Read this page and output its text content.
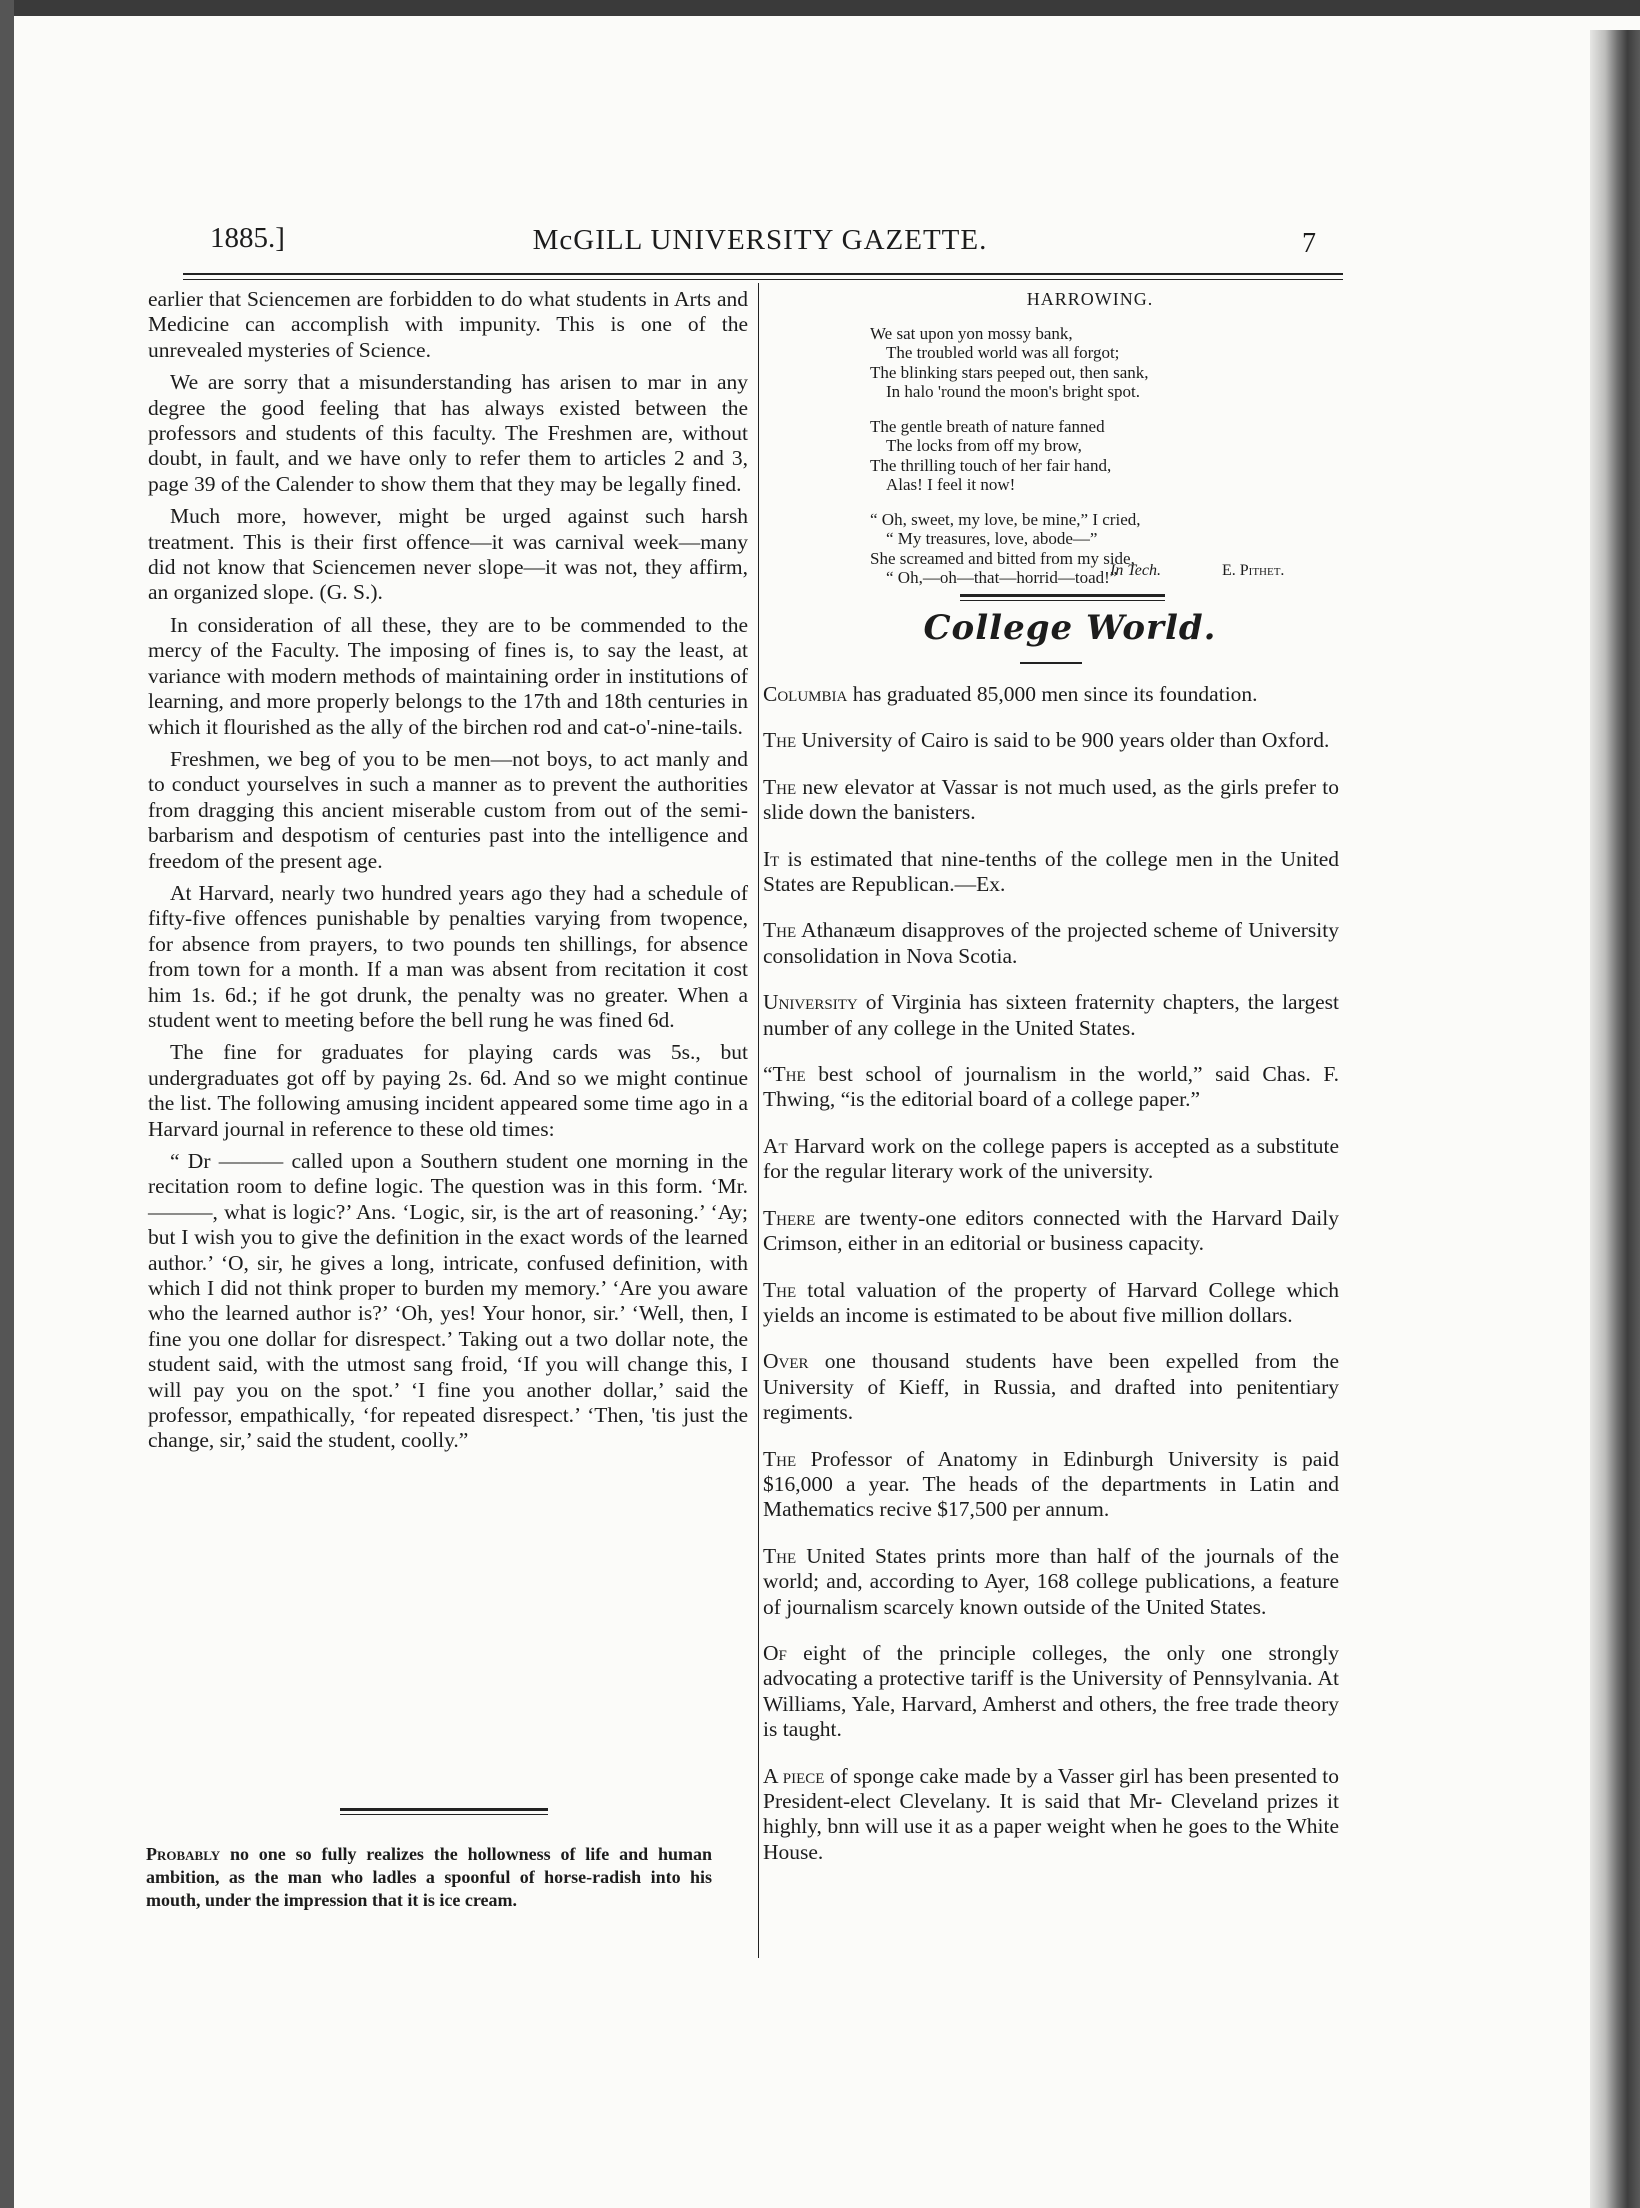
1885.]	McGILL UNIVERSITY GAZETTE.	7

earlier that Sciencemen are forbidden to do what students in Arts and Medicine can accomplish with impunity. This is one of the unrevealed mysteries of Science.

We are sorry that a misunderstanding has arisen to mar in any degree the good feeling that has always existed between the professors and students of this faculty. The Freshmen are, without doubt, in fault, and we have only to refer them to articles 2 and 3, page 39 of the Calender to show them that they may be legally fined.

Much more, however, might be urged against such harsh treatment. This is their first offence—it was carnival week—many did not know that Sciencemen never slope—it was not, they affirm, an organized slope. (G. S.).

In consideration of all these, they are to be commended to the mercy of the Faculty. The imposing of fines is, to say the least, at variance with modern methods of maintaining order in institutions of learning, and more properly belongs to the 17th and 18th centuries in which it flourished as the ally of the birchen rod and cat-o'-nine-tails.

Freshmen, we beg of you to be men—not boys, to act manly and to conduct yourselves in such a manner as to prevent the authorities from dragging this ancient miserable custom from out of the semi-barbarism and despotism of centuries past into the intelligence and freedom of the present age.

At Harvard, nearly two hundred years ago they had a schedule of fifty-five offences punishable by penalties varying from twopence, for absence from prayers, to two pounds ten shillings, for absence from town for a month. If a man was absent from recitation it cost him 1s. 6d.; if he got drunk, the penalty was no greater. When a student went to meeting before the bell rung he was fined 6d.

The fine for graduates for playing cards was 5s., but undergraduates got off by paying 2s. 6d. And so we might continue the list. The following amusing incident appeared some time ago in a Harvard journal in reference to these old times:

“ Dr ——— called upon a Southern student one morning in the recitation room to define logic. The question was in this form. ‘Mr. ———, what is logic?’ Ans. ‘Logic, sir, is the art of reasoning.’ ‘Ay; but I wish you to give the definition in the exact words of the learned author.’ ‘O, sir, he gives a long, intricate, confused definition, with which I did not think proper to burden my memory.’ ‘Are you aware who the learned author is?’ ‘Oh, yes! Your honor, sir.’ ‘Well, then, I fine you one dollar for disrespect.’ Taking out a two dollar note, the student said, with the utmost sang froid, ‘If you will change this, I will pay you on the spot.’ ‘I fine you another dollar,’ said the professor, empathically, ‘for repeated disrespect.’ ‘Then, 'tis just the change, sir,’ said the student, coolly.”

Probably no one so fully realizes the hollowness of life and human ambition, as the man who ladles a spoonful of horse-radish into his mouth, under the impression that it is ice cream.

HARROWING.
We sat upon yon mossy bank,
The troubled world was all forgot;
The blinking stars peeped out, then sank,
In halo 'round the moon's bright spot.
The gentle breath of nature fanned
The locks from off my brow,
The thrilling touch of her fair hand,
Alas! I feel it now!
“ Oh, sweet, my love, be mine,” I cried,
“ My treasures, love, abode—”
She screamed and bitted from my side,
“ Oh,—oh—that—horrid—toad!”
In Tech.	E. Pithet.
College World.

Columbia has graduated 85,000 men since its foundation.

The University of Cairo is said to be 900 years older than Oxford.

The new elevator at Vassar is not much used, as the girls prefer to slide down the banisters.

It is estimated that nine-tenths of the college men in the United States are Republican.—Ex.

The Athanæum disapproves of the projected scheme of University consolidation in Nova Scotia.

University of Virginia has sixteen fraternity chapters, the largest number of any college in the United States.

“The best school of journalism in the world,” said Chas. F. Thwing, “is the editorial board of a college paper.”

At Harvard work on the college papers is accepted as a substitute for the regular literary work of the university.

There are twenty-one editors connected with the Harvard Daily Crimson, either in an editorial or business capacity.

The total valuation of the property of Harvard College which yields an income is estimated to be about five million dollars.

Over one thousand students have been expelled from the University of Kieff, in Russia, and drafted into penitentiary regiments.

The Professor of Anatomy in Edinburgh University is paid $16,000 a year. The heads of the departments in Latin and Mathematics recive $17,500 per annum.

The United States prints more than half of the journals of the world; and, according to Ayer, 168 college publications, a feature of journalism scarcely known outside of the United States.

Of eight of the principle colleges, the only one strongly advocating a protective tariff is the University of Pennsylvania. At Williams, Yale, Harvard, Amherst and others, the free trade theory is taught.

A piece of sponge cake made by a Vasser girl has been presented to President-elect Clevelany. It is said that Mr- Cleveland prizes it highly, bnn will use it as a paper weight when he goes to the White House.
